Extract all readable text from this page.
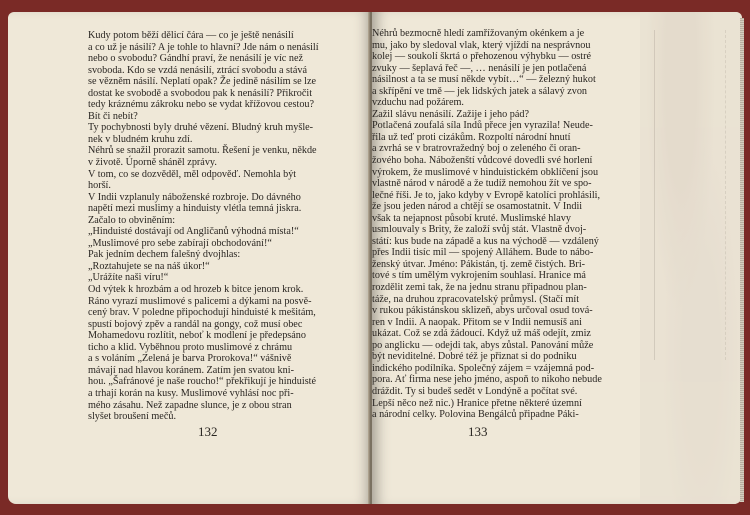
Kudy potom běží dělicí čára — co je ještě nenásilí
a co už je násilí? A je tohle to hlavní? Jde nám o nenásilí
nebo o svobodu? Gándhí praví, že nenásilí je víc než
svoboda. Kdo se vzdá nenásilí, ztrácí svobodu a stává
se vězněm násilí. Neplatí opak? Že jedině násilím se lze
dostat ke svobodě a svobodou pak k nenásilí? Přikročit
tedy kráznému zákroku nebo se vydat křížovou cestou?
Bít či nebít?
Ty pochybnosti byly druhé vězení. Bludný kruh myšle-
nek v bludném kruhu zdí.
Néhrů se snažil prorazit samotu. Řešení je venku, někde
v životě. Úporně sháněl zprávy.
V tom, co se dozvěděl, měl odpověď. Nemohla být
horší.
V Indii vzplanuly náboženské rozbroje. Do dávného
napětí mezi muslimy a hinduisty vlétla temná jiskra.
Začalo to obviněním:
„Hinduisté dostávají od Angličanů výhodná místa!“
„Muslimové pro sebe zabírají obchodování!“
Pak jedním dechem falešný dvojhlas:
„Roztahujete se na náš úkor!“
„Urážíte naši víru!“
Od výtek k hrozbám a od hrozeb k bitce jenom krok.
Ráno vyrazí muslimové s palicemi a dýkami na posvě-
cený brav. V poledne připochodují hinduisté k mešitám,
spustí bojový zpěv a randál na gongy, což musí obec
Mohamedovu rozlítit, neboť k modlení je předepsáno
ticho a klid. Vyběhnou proto muslimové z chrámu
a s voláním „Zelená je barva Prorokova!“ vášnivě
mávají nad hlavou koránem. Zatím jen svatou kni-
hou. „Šafránové je naše roucho!“ překřikují je hinduisté
a trhají korán na kusy. Muslimové vyhlásí noc při-
mého zásahu. Než zapadne slunce, je z obou stran
slyšet broušení mečů.
132
Néhrů bezmocně hledí zamřížovaným okénkem a je
mu, jako by sledoval vlak, který vjíždí na nesprávnou
kolej — soukolí škrtá o přehozenou výhybku — ostré
zvuky — šeplavá řeč —, … nenásilí je jen potlačená
násilnost a ta se musí někde vybít…“ — železný hukot
a skřípění ve tmě — jek lidských jatek a sálavý zvon
vzduchu nad požárem.
Zažil slávu nenásilí. Zažije i jeho pád?
Potlačená zoufalá síla Indů přece jen vyrazila! Neude-
řila už teď proti cizákům. Rozpoltí národní hnutí
a zvrhá se v bratrovražedný boj o zeleného či oran-
žového boha. Náboženští vůdcové dovedli své horlení
výrokem, že muslimové v hinduistickém obklíčení jsou
vlastně národ v národě a že tudíž nemohou žít ve spo-
lečné říši. Je to, jako kdyby v Evropě katolíci prohlásili,
že jsou jeden národ a chtějí se osamostatnit. V Indii
však ta nejapnost působí kruté. Muslimské hlavy
usmlouvaly s Brity, že založí svůj stát. Vlastně dvoj-
státí: kus bude na západě a kus na východě — vzdálený
přes Indii tisíc mil — spojený Alláhem. Bude to nábo-
ženský útvar. Jméno: Pákistán, tj. země čistých. Bri-
tové s tím umělým vykrojením souhlasí. Hranice má
rozdělit zemi tak, že na jednu stranu připadnou plan-
táže, na druhou zpracovatelský průmysl. (Stačí mít
v rukou pákistánskou sklizeň, abys určoval osud tová-
ren v Indii. A naopak. Přitom se v Indii nemusíš ani
ukázat. Což se zdá žádoucí. Když už máš odejít, zmiz
po anglicku — odejdi tak, abys zůstal. Panování může
být neviditelné. Dobré též je přiznat si do podniku
indického podílníka. Společný zájem = vzájemná pod-
pora. Ať firma nese jeho jméno, aspoň to nikoho nebude
dráždit. Ty si budeš sedět v Londýně a počítat své.
Lepší něco než nic.) Hranice přetne některé územní
a národní celky. Polovina Bengálců připadne Páki-
133
